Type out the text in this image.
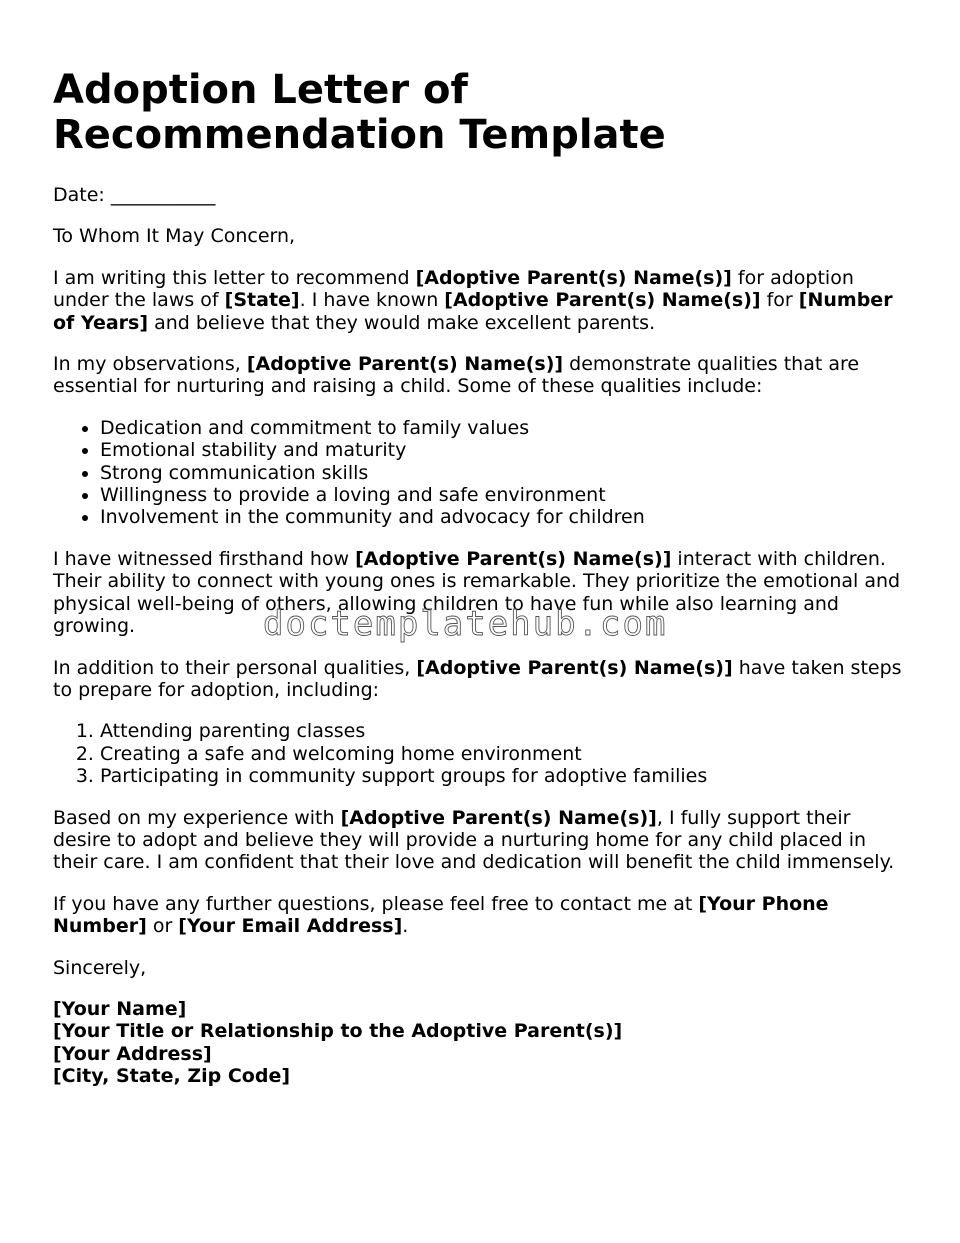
Adoption Letter of Recommendation Template

Date: ___________

To Whom It May Concern,

I am writing this letter to recommend [Adoptive Parent(s) Name(s)] for adoption under the laws of [State]. I have known [Adoptive Parent(s) Name(s)] for [Number of Years] and believe that they would make excellent parents.

In my observations, [Adoptive Parent(s) Name(s)] demonstrate qualities that are essential for nurturing and raising a child. Some of these qualities include:

• Dedication and commitment to family values
• Emotional stability and maturity
• Strong communication skills
• Willingness to provide a loving and safe environment
• Involvement in the community and advocacy for children

I have witnessed firsthand how [Adoptive Parent(s) Name(s)] interact with children. Their ability to connect with young ones is remarkable. They prioritize the emotional and physical well-being of others, allowing children to have fun while also learning and growing.

In addition to their personal qualities, [Adoptive Parent(s) Name(s)] have taken steps to prepare for adoption, including:

1. Attending parenting classes
2. Creating a safe and welcoming home environment
3. Participating in community support groups for adoptive families

Based on my experience with [Adoptive Parent(s) Name(s)], I fully support their desire to adopt and believe they will provide a nurturing home for any child placed in their care. I am confident that their love and dedication will benefit the child immensely.

If you have any further questions, please feel free to contact me at [Your Phone Number] or [Your Email Address].

Sincerely,

[Your Name]
[Your Title or Relationship to the Adoptive Parent(s)]
[Your Address]
[City, State, Zip Code]

doctemplatehub.com
